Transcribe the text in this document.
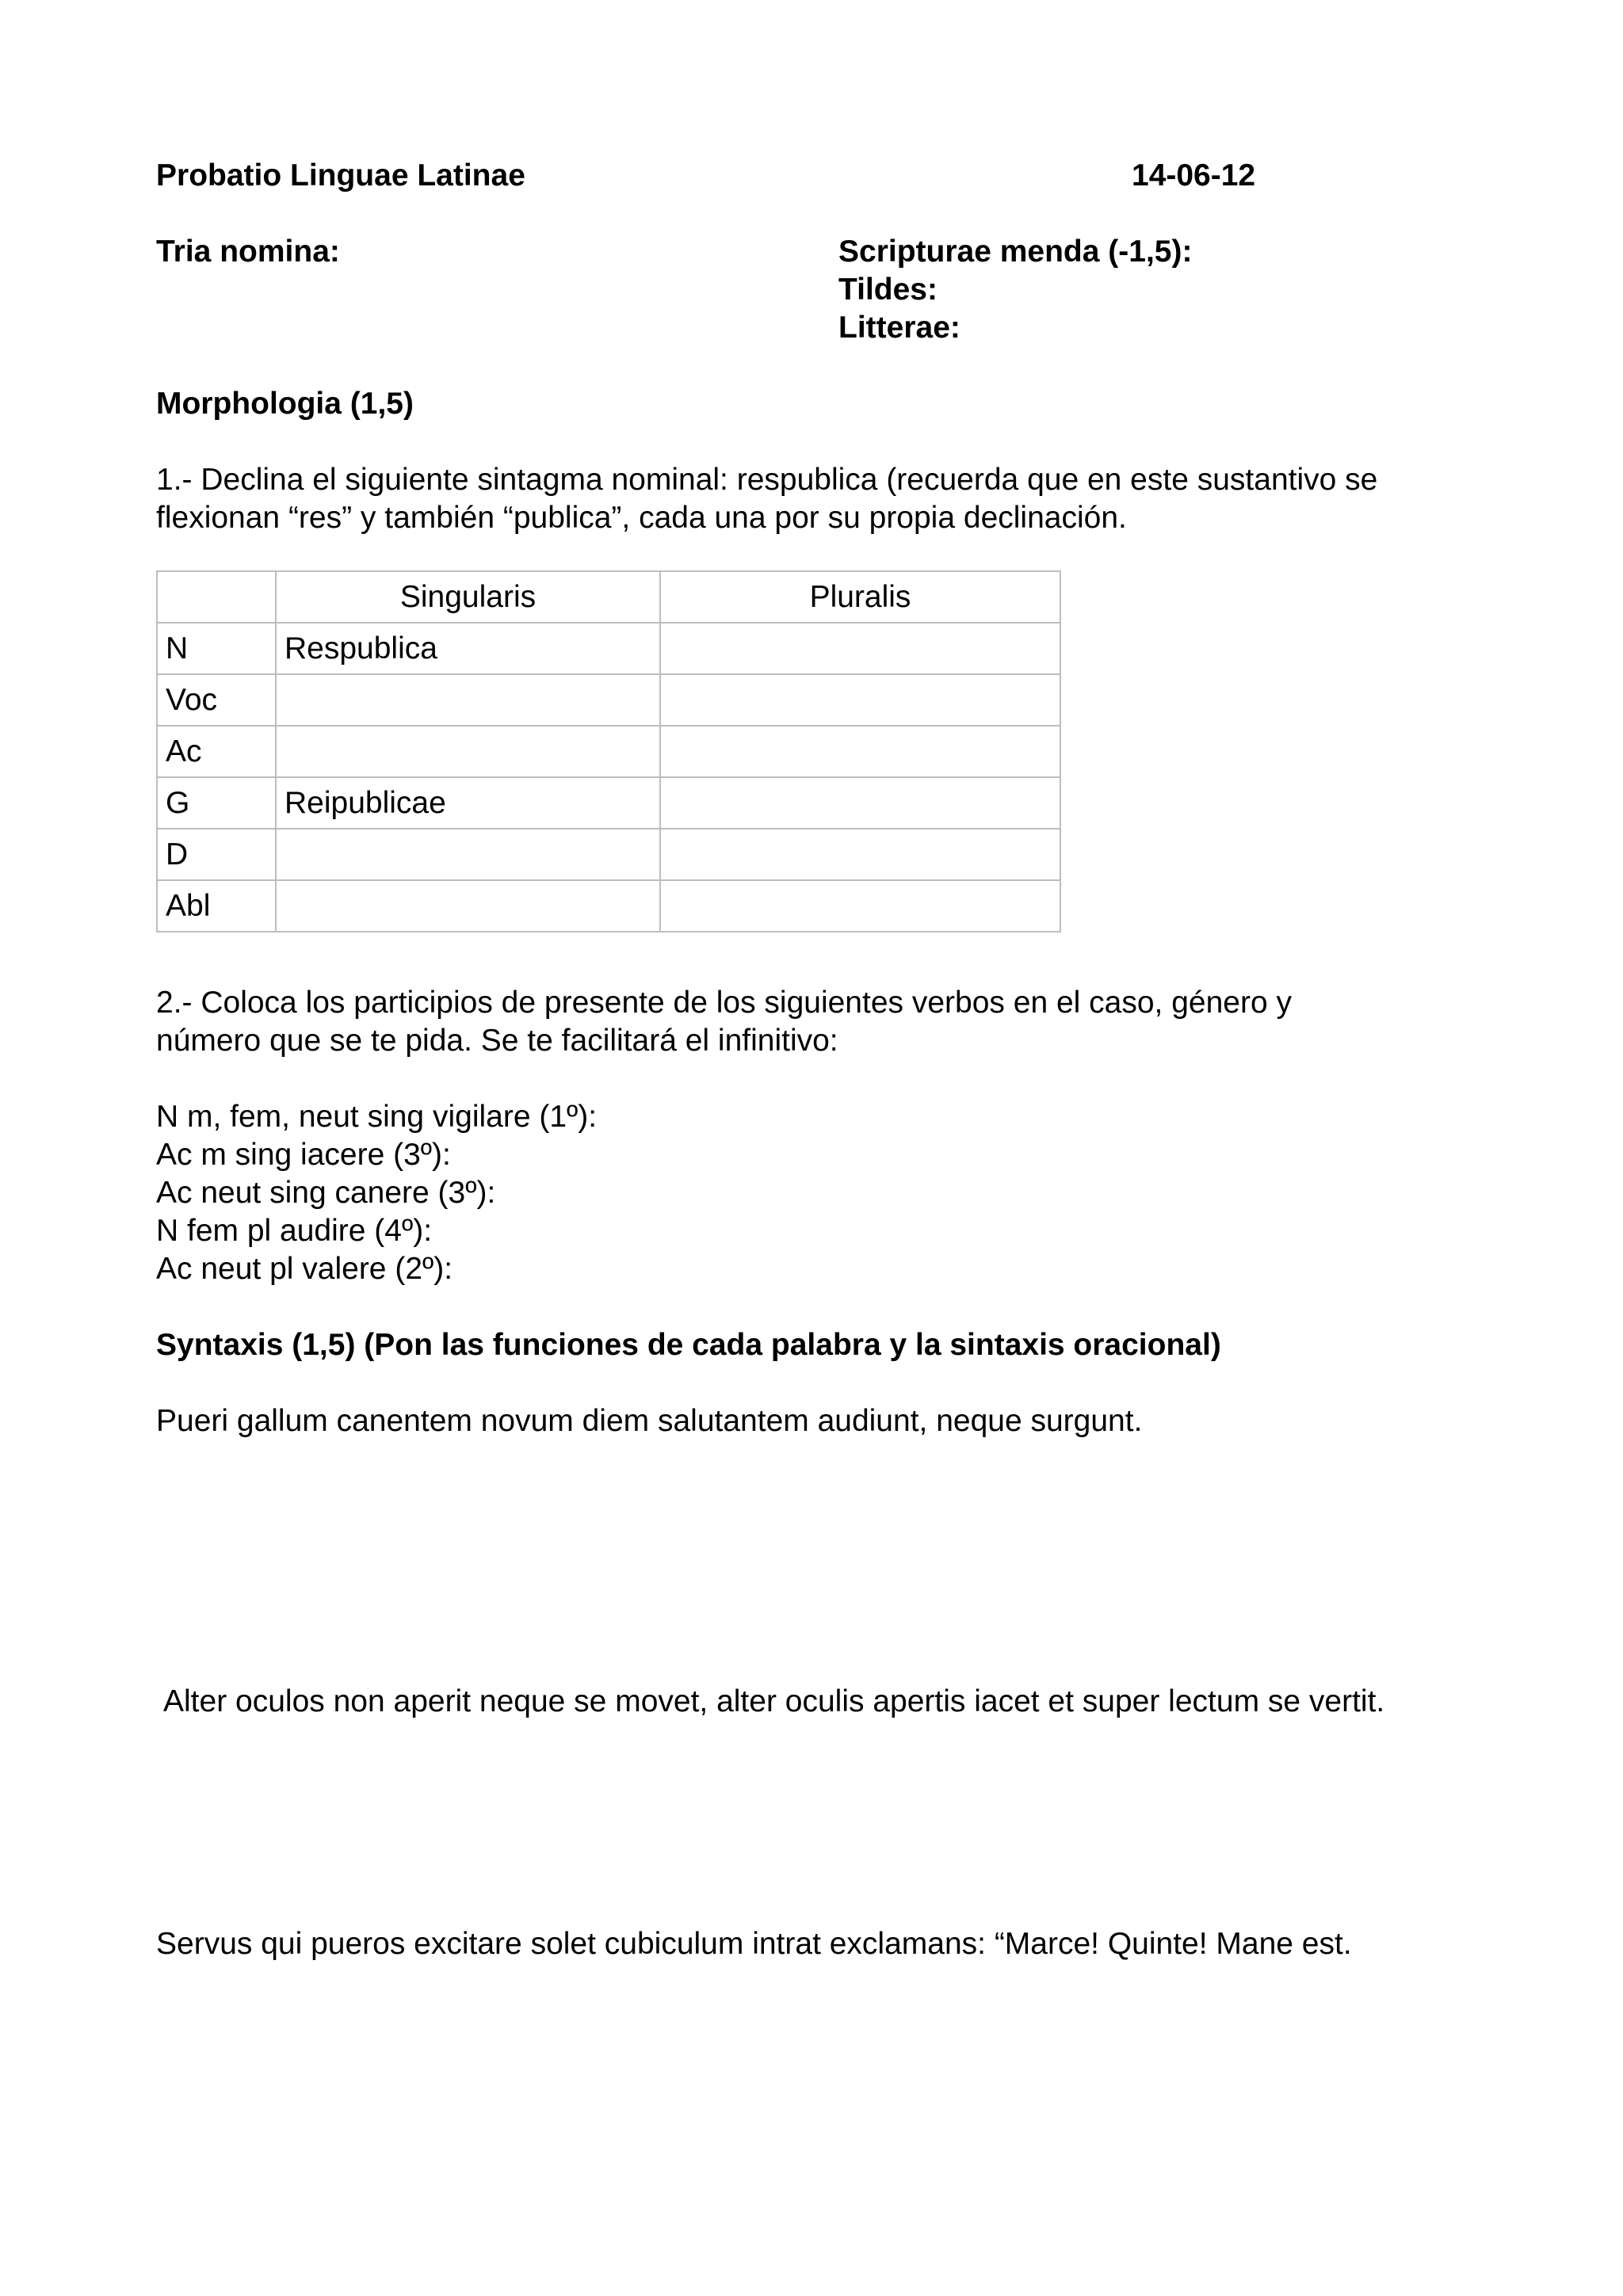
Probatio Linguae Latinae	14-06-12
Tria nomina:	Scripturae menda (-1,5):
Tildes:
Litterae:
Morphologia (1,5)
1.- Declina el siguiente sintagma nominal: respublica (recuerda que en este sustantivo se
flexionan “res” y también “publica”, cada una por su propia declinación.
	Singularis	Pluralis
N	Respublica	
Voc		
Ac		
G	Reipublicae	
D		
Abl		
2.- Coloca los participios de presente de los siguientes verbos en el caso, género y
número que se te pida. Se te facilitará el infinitivo:
N m, fem, neut sing vigilare (1º):
Ac m sing iacere (3º):
Ac neut sing canere (3º):
N fem pl audire (4º):
Ac neut pl valere (2º):
Syntaxis (1,5) (Pon las funciones de cada palabra y la sintaxis oracional)
Pueri gallum canentem novum diem salutantem audiunt, neque surgunt.
Alter oculos non aperit neque se movet, alter oculis apertis iacet et super lectum se vertit.
Servus qui pueros excitare solet cubiculum intrat exclamans: “Marce! Quinte! Mane est.
